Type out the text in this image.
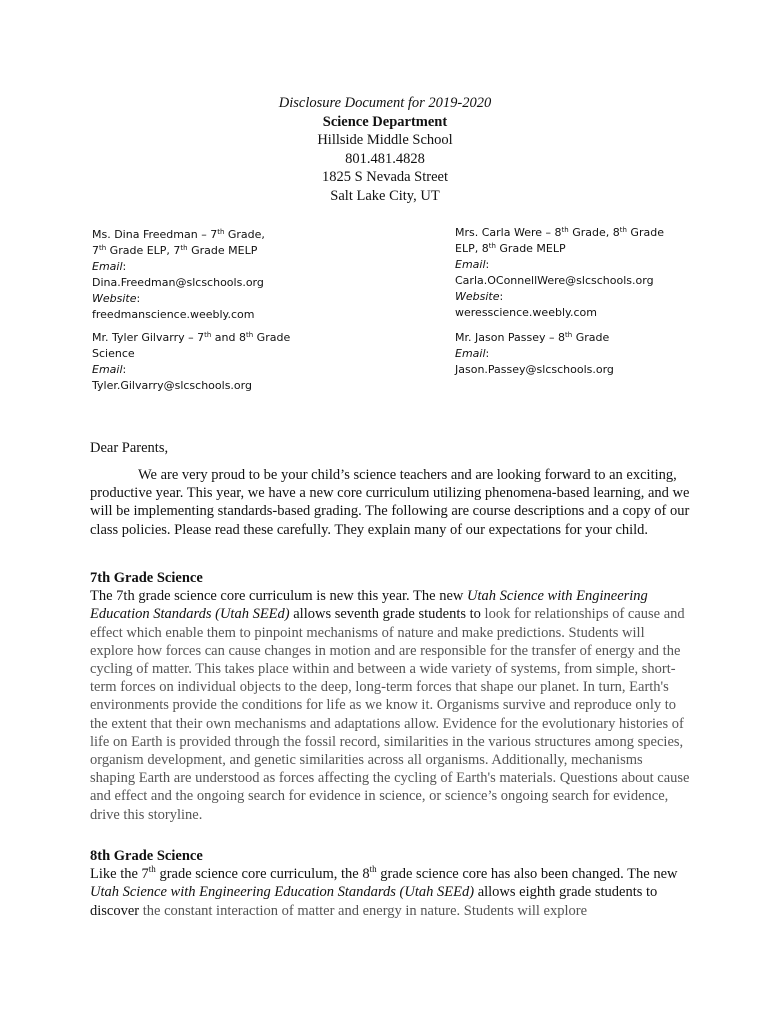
Disclosure Document for 2019-2020
Science Department
Hillside Middle School
801.481.4828
1825 S Nevada Street
Salt Lake City, UT
Ms. Dina Freedman – 7th Grade,
7th Grade ELP, 7th Grade MELP
Email:
Dina.Freedman@slcschools.org
Website:
freedmanscience.weebly.com
Mrs. Carla Were – 8th Grade, 8th Grade
ELP, 8th Grade MELP
Email:
Carla.OConnellWere@slcschools.org
Website:
weresscience.weebly.com
Mr. Tyler Gilvarry – 7th and 8th Grade
Science
Email:
Tyler.Gilvarry@slcschools.org
Mr. Jason Passey – 8th Grade
Email:
Jason.Passey@slcschools.org
Dear Parents,
We are very proud to be your child’s science teachers and are looking forward to an exciting, productive year. This year, we have a new core curriculum utilizing phenomena-based learning, and we will be implementing standards-based grading. The following are course descriptions and a copy of our class policies. Please read these carefully. They explain many of our expectations for your child.
7th Grade Science
The 7th grade science core curriculum is new this year. The new Utah Science with Engineering Education Standards (Utah SEEd) allows seventh grade students to look for relationships of cause and effect which enable them to pinpoint mechanisms of nature and make predictions. Students will explore how forces can cause changes in motion and are responsible for the transfer of energy and the cycling of matter. This takes place within and between a wide variety of systems, from simple, short-term forces on individual objects to the deep, long-term forces that shape our planet. In turn, Earth's environments provide the conditions for life as we know it. Organisms survive and reproduce only to the extent that their own mechanisms and adaptations allow. Evidence for the evolutionary histories of life on Earth is provided through the fossil record, similarities in the various structures among species, organism development, and genetic similarities across all organisms. Additionally, mechanisms shaping Earth are understood as forces affecting the cycling of Earth's materials. Questions about cause and effect and the ongoing search for evidence in science, or science’s ongoing search for evidence, drive this storyline.
8th Grade Science
Like the 7th grade science core curriculum, the 8th grade science core has also been changed. The new Utah Science with Engineering Education Standards (Utah SEEd) allows eighth grade students to discover the constant interaction of matter and energy in nature. Students will explore
